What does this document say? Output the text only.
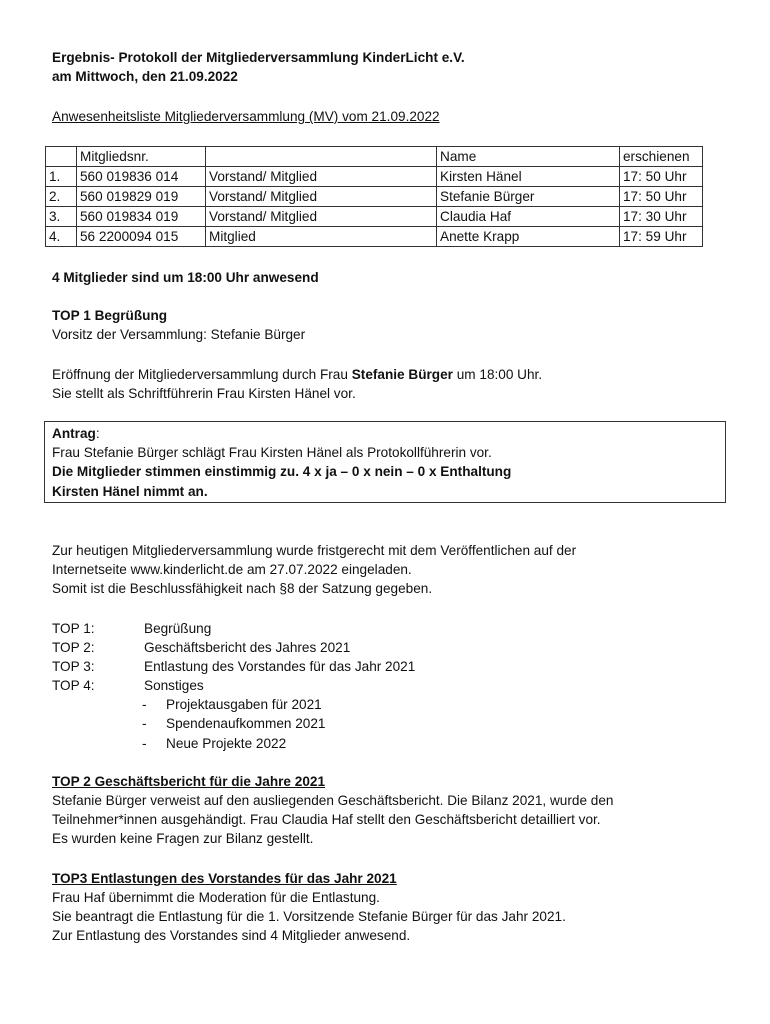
Ergebnis- Protokoll der Mitgliederversammlung KinderLicht e.V.
am Mittwoch, den 21.09.2022
Anwesenheitsliste Mitgliederversammlung (MV) vom 21.09.2022
	Mitgliedsnr.		Name	erschienen
1.	560 019836 014	Vorstand/ Mitglied	Kirsten Hänel	17: 50 Uhr
2.	560 019829 019	Vorstand/ Mitglied	Stefanie Bürger	17: 50 Uhr
3.	560 019834 019	Vorstand/ Mitglied	Claudia Haf	17: 30 Uhr
4.	56 2200094 015	Mitglied	Anette Krapp	17: 59 Uhr
4 Mitglieder sind um 18:00 Uhr anwesend
TOP 1 Begrüßung
Vorsitz der Versammlung: Stefanie Bürger
Eröffnung der Mitgliederversammlung durch Frau Stefanie Bürger um 18:00 Uhr.
Sie stellt als Schriftführerin Frau Kirsten Hänel vor.
Antrag:
Frau Stefanie Bürger schlägt Frau Kirsten Hänel als Protokollführerin vor.
Die Mitglieder stimmen einstimmig zu. 4 x ja – 0 x nein – 0 x Enthaltung
Kirsten Hänel nimmt an.
Zur heutigen Mitgliederversammlung wurde fristgerecht mit dem Veröffentlichen auf der
Internetseite www.kinderlicht.de am 27.07.2022 eingeladen.
Somit ist die Beschlussfähigkeit nach §8 der Satzung gegeben.
TOP 1:	Begrüßung
TOP 2:	Geschäftsbericht des Jahres 2021
TOP 3:	Entlastung des Vorstandes für das Jahr 2021
TOP 4:	Sonstiges
- Projektausgaben für 2021
- Spendenaufkommen 2021
- Neue Projekte 2022
TOP 2 Geschäftsbericht für die Jahre 2021
Stefanie Bürger verweist auf den ausliegenden Geschäftsbericht. Die Bilanz 2021, wurde den
Teilnehmer*innen ausgehändigt. Frau Claudia Haf stellt den Geschäftsbericht detailliert vor.
Es wurden keine Fragen zur Bilanz gestellt.
TOP3 Entlastungen des Vorstandes für das Jahr 2021
Frau Haf übernimmt die Moderation für die Entlastung.
Sie beantragt die Entlastung für die 1. Vorsitzende Stefanie Bürger für das Jahr 2021.
Zur Entlastung des Vorstandes sind 4 Mitglieder anwesend.
